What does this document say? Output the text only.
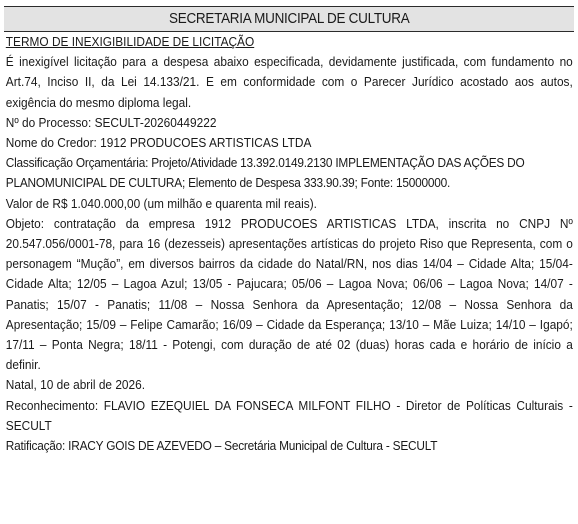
SECRETARIA MUNICIPAL DE CULTURA

TERMO DE INEXIGIBILIDADE DE LICITAÇÃO

É inexigível licitação para a despesa abaixo especificada, devidamente justificada, com fundamento no Art.74, Inciso II, da Lei 14.133/21. E em conformidade com o Parecer Jurídico acostado aos autos, exigência do mesmo diploma legal.

Nº do Processo: SECULT-20260449222

Nome do Credor: 1912 PRODUCOES ARTISTICAS LTDA

Classificação Orçamentária: Projeto/Atividade 13.392.0149.2130 IMPLEMENTAÇÃO DAS AÇÕES DO PLANOMUNICIPAL DE CULTURA; Elemento de Despesa 333.90.39; Fonte: 15000000.

Valor de R$ 1.040.000,00 (um milhão e quarenta mil reais).

Objeto: contratação da empresa 1912 PRODUCOES ARTISTICAS LTDA, inscrita no CNPJ Nº 20.547.056/0001-78, para 16 (dezesseis) apresentações artísticas do projeto Riso que Representa, com o personagem “Mução”, em diversos bairros da cidade do Natal/RN, nos dias 14/04 – Cidade Alta; 15/04- Cidade Alta; 12/05 – Lagoa Azul; 13/05 - Pajucara; 05/06 – Lagoa Nova; 06/06 – Lagoa Nova; 14/07 - Panatis; 15/07 - Panatis; 11/08 – Nossa Senhora da Apresentação; 12/08 – Nossa Senhora da Apresentação; 15/09 – Felipe Camarão; 16/09 – Cidade da Esperança; 13/10 – Mãe Luiza; 14/10 – Igapó; 17/11 – Ponta Negra; 18/11 - Potengi, com duração de até 02 (duas) horas cada e horário de início a definir.

Natal, 10 de abril de 2026.

Reconhecimento: FLAVIO EZEQUIEL DA FONSECA MILFONT FILHO - Diretor de Políticas Culturais - SECULT

Ratificação: IRACY GOIS DE AZEVEDO – Secretária Municipal de Cultura - SECULT
